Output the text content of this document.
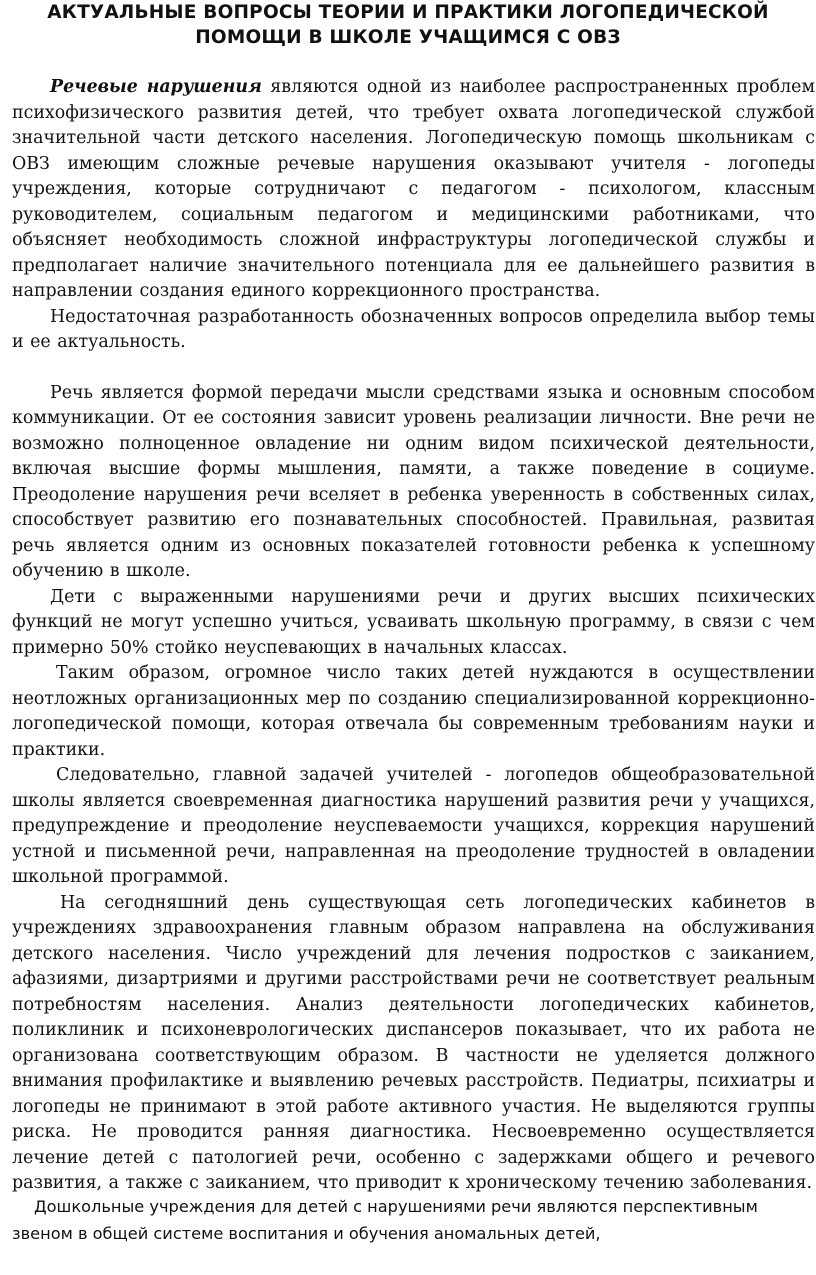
АКТУАЛЬНЫЕ ВОПРОСЫ ТЕОРИИ И ПРАКТИКИ ЛОГОПЕДИЧЕСКОЙ
ПОМОЩИ В ШКОЛЕ УЧАЩИМСЯ С ОВЗ

Речевые нарушения являются одной из наиболее распространенных проблем психофизического развития детей, что требует охвата логопедической службой значительной части детского населения. Логопедическую помощь школьникам с ОВЗ имеющим сложные речевые нарушения оказывают учителя - логопеды учреждения, которые сотрудничают с педагогом - психологом, классным руководителем, социальным педагогом и медицинскими работниками, что объясняет необходимость сложной инфраструктуры логопедической службы и предполагает наличие значительного потенциала для ее дальнейшего развития в направлении создания единого коррекционного пространства.

Недостаточная разработанность обозначенных вопросов определила выбор темы и ее актуальность.

Речь является формой передачи мысли средствами языка и основным способом коммуникации. От ее состояния зависит уровень реализации личности. Вне речи не возможно полноценное овладение ни одним видом психической деятельности, включая высшие формы мышления, памяти, а также поведение в социуме. Преодоление нарушения речи вселяет в ребенка уверенность в собственных силах, способствует развитию его познавательных способностей. Правильная, развитая речь является одним из основных показателей готовности ребенка к успешному обучению в школе.

Дети с выраженными нарушениями речи и других высших психических функций не могут успешно учиться, усваивать школьную программу, в связи с чем примерно 50% стойко неуспевающих в начальных классах.

Таким образом, огромное число таких детей нуждаются в осуществлении неотложных организационных мер по созданию специализированной коррекционно-логопедической помощи, которая отвечала бы современным требованиям науки и практики.

Следовательно, главной задачей учителей - логопедов общеобразовательной школы является своевременная диагностика нарушений развития речи у учащихся, предупреждение и преодоление неуспеваемости учащихся, коррекция нарушений устной и письменной речи, направленная на преодоление трудностей в овладении школьной программой.

На сегодняшний день существующая сеть логопедических кабинетов в учреждениях здравоохранения главным образом направлена на обслуживания детского населения. Число учреждений для лечения подростков с заиканием, афазиями, дизартриями и другими расстройствами речи не соответствует реальным потребностям населения. Анализ деятельности логопедических кабинетов, поликлиник и психоневрологических диспансеров показывает, что их работа не организована соответствующим образом. В частности не уделяется должного внимания профилактике и выявлению речевых расстройств. Педиатры, психиатры и логопеды не принимают в этой работе активного участия. Не выделяются группы риска. Не проводится ранняя диагностика. Несвоевременно осуществляется лечение детей с патологией речи, особенно с задержками общего и речевого развития, а также с заиканием, что приводит к хроническому течению заболевания.

Дошкольные учреждения для детей с нарушениями речи являются перспективным
звеном в общей системе воспитания и обучения аномальных детей,
